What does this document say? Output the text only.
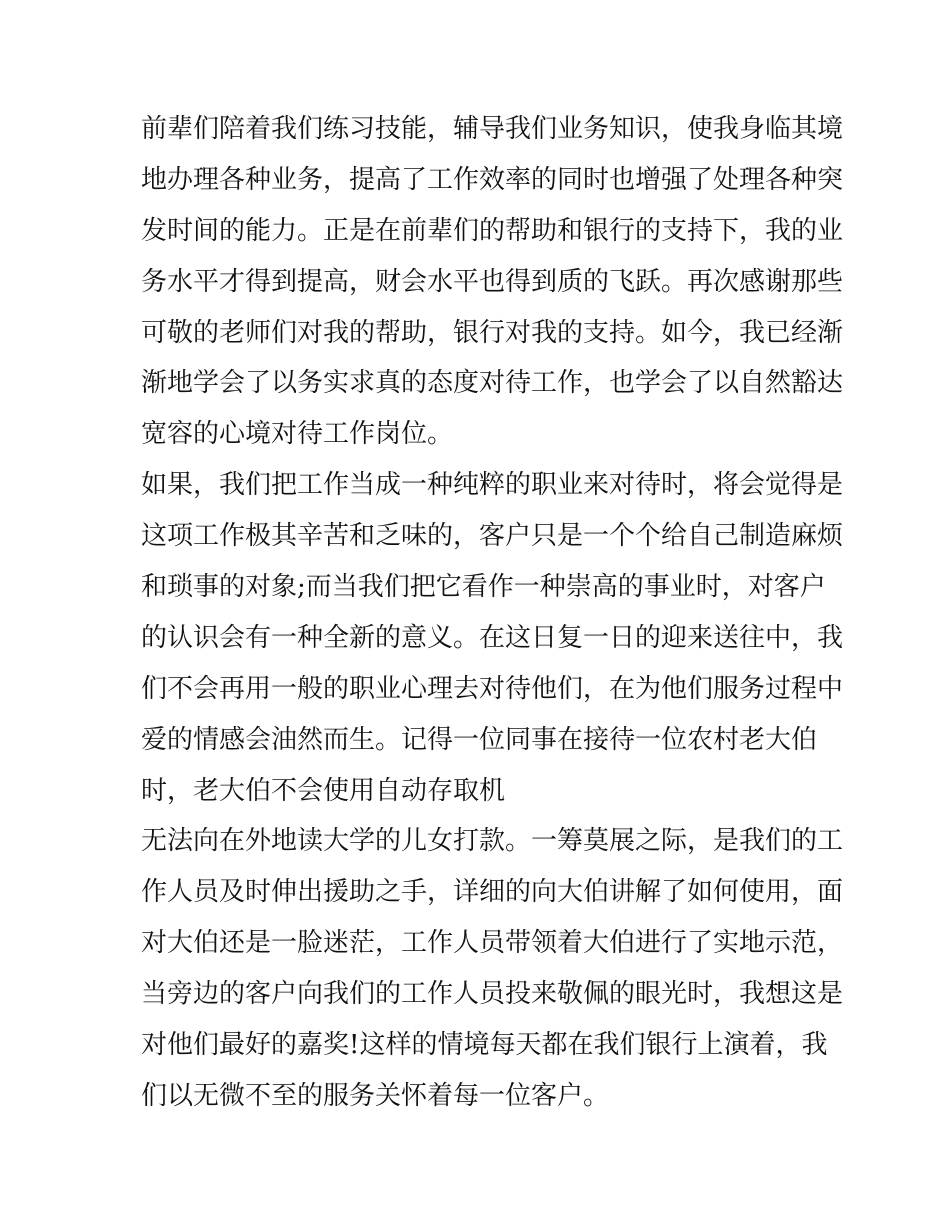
前辈们陪着我们练习技能，辅导我们业务知识，使我身临其境
地办理各种业务，提高了工作效率的同时也增强了处理各种突
发时间的能力。正是在前辈们的帮助和银行的支持下，我的业
务水平才得到提高，财会水平也得到质的飞跃。再次感谢那些
可敬的老师们对我的帮助，银行对我的支持。如今，我已经渐
渐地学会了以务实求真的态度对待工作，也学会了以自然豁达
宽容的心境对待工作岗位。
如果，我们把工作当成一种纯粹的职业来对待时，将会觉得是
这项工作极其辛苦和乏味的，客户只是一个个给自己制造麻烦
和琐事的对象;而当我们把它看作一种崇高的事业时，对客户
的认识会有一种全新的意义。在这日复一日的迎来送往中，我
们不会再用一般的职业心理去对待他们，在为他们服务过程中
爱的情感会油然而生。记得一位同事在接待一位农村老大伯
时，老大伯不会使用自动存取机
无法向在外地读大学的儿女打款。一筹莫展之际，是我们的工
作人员及时伸出援助之手，详细的向大伯讲解了如何使用，面
对大伯还是一脸迷茫，工作人员带领着大伯进行了实地示范，
当旁边的客户向我们的工作人员投来敬佩的眼光时，我想这是
对他们最好的嘉奖!这样的情境每天都在我们银行上演着，我
们以无微不至的服务关怀着每一位客户。
